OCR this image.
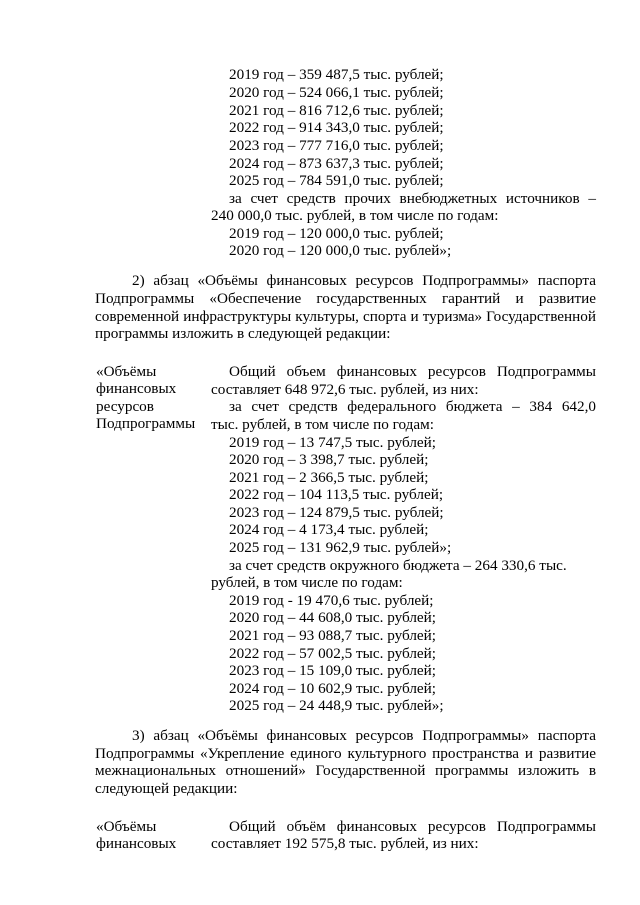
2019 год – 359 487,5 тыс. рублей;
2020 год – 524 066,1 тыс. рублей;
2021 год – 816 712,6 тыс. рублей;
2022 год – 914 343,0 тыс. рублей;
2023 год – 777 716,0 тыс. рублей;
2024 год – 873 637,3 тыс. рублей;
2025 год – 784 591,0 тыс. рублей;
за счет средств прочих внебюджетных источников –
240 000,0 тыс. рублей, в том числе по годам:
2019 год – 120 000,0 тыс. рублей;
2020 год – 120 000,0 тыс. рублей»;
2) абзац «Объёмы финансовых ресурсов Подпрограммы» паспорта
Подпрограммы «Обеспечение государственных гарантий и развитие
современной инфраструктуры культуры, спорта и туризма» Государственной
программы изложить в следующей редакции:
«Объёмы
финансовых
ресурсов
Подпрограммы
Общий объем финансовых ресурсов Подпрограммы
составляет 648 972,6 тыс. рублей, из них:
за счет средств федерального бюджета – 384 642,0
тыс. рублей, в том числе по годам:
2019 год – 13 747,5 тыс. рублей;
2020 год – 3 398,7 тыс. рублей;
2021 год – 2 366,5 тыс. рублей;
2022 год – 104 113,5 тыс. рублей;
2023 год – 124 879,5 тыс. рублей;
2024 год – 4 173,4 тыс. рублей;
2025 год – 131 962,9 тыс. рублей»;
за счет средств окружного бюджета – 264 330,6 тыс.
рублей, в том числе по годам:
2019 год - 19 470,6 тыс. рублей;
2020 год – 44 608,0 тыс. рублей;
2021 год – 93 088,7 тыс. рублей;
2022 год – 57 002,5 тыс. рублей;
2023 год – 15 109,0 тыс. рублей;
2024 год – 10 602,9 тыс. рублей;
2025 год – 24 448,9 тыс. рублей»;
3) абзац «Объёмы финансовых ресурсов Подпрограммы» паспорта
Подпрограммы «Укрепление единого культурного пространства и развитие
межнациональных отношений» Государственной программы изложить в
следующей редакции:
«Объёмы
финансовых
Общий объём финансовых ресурсов Подпрограммы
составляет 192 575,8 тыс. рублей, из них:
